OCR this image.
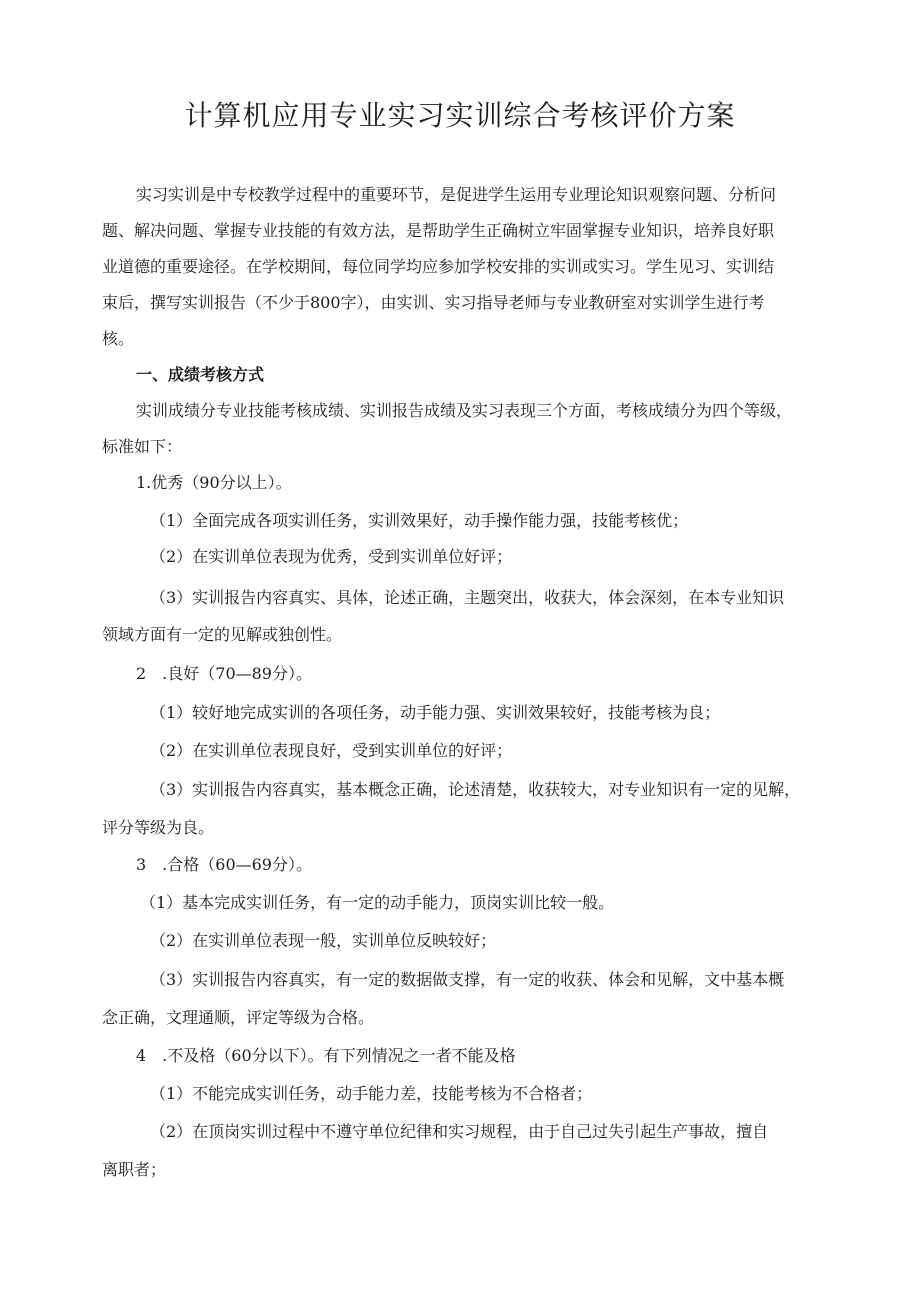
计算机应用专业实习实训综合考核评价方案
实习实训是中专校教学过程中的重要环节，是促进学生运用专业理论知识观察问题、分析问
题、解决问题、掌握专业技能的有效方法，是帮助学生正确树立牢固掌握专业知识，培养良好职
业道德的重要途径。在学校期间，每位同学均应参加学校安排的实训或实习。学生见习、实训结
束后，撰写实训报告（不少于800字），由实训、实习指导老师与专业教研室对实训学生进行考
核。
一、成绩考核方式
实训成绩分专业技能考核成绩、实训报告成绩及实习表现三个方面，考核成绩分为四个等级，
标准如下：
1.优秀（90分以上）。
（1）全面完成各项实训任务，实训效果好，动手操作能力强，技能考核优；
（2）在实训单位表现为优秀，受到实训单位好评；
（3）实训报告内容真实、具体，论述正确，主题突出，收获大，体会深刻，在本专业知识
领域方面有一定的见解或独创性。
2　.良好（70—89分）。
（1）较好地完成实训的各项任务，动手能力强、实训效果较好，技能考核为良；
（2）在实训单位表现良好，受到实训单位的好评；
（3）实训报告内容真实，基本概念正确，论述清楚，收获较大，对专业知识有一定的见解，
评分等级为良。
3　.合格（60—69分）。
（1）基本完成实训任务，有一定的动手能力，顶岗实训比较一般。
（2）在实训单位表现一般，实训单位反映较好；
（3）实训报告内容真实，有一定的数据做支撑，有一定的收获、体会和见解，文中基本概
念正确，文理通顺，评定等级为合格。
4　.不及格（60分以下）。有下列情况之一者不能及格
（1）不能完成实训任务，动手能力差，技能考核为不合格者；
（2）在顶岗实训过程中不遵守单位纪律和实习规程，由于自己过失引起生产事故，擅自
离职者；
